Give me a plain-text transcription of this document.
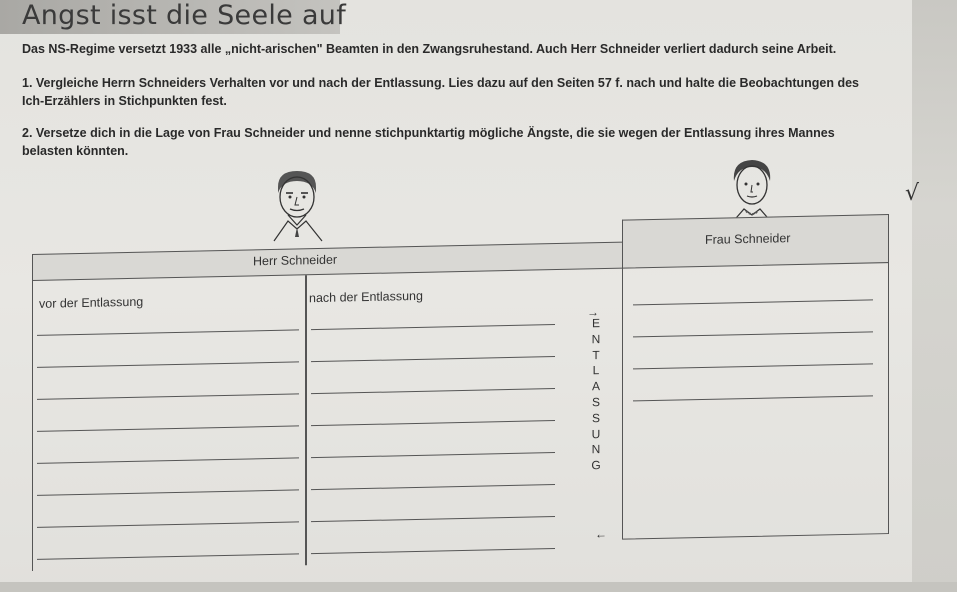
Angst isst die Seele auf
Das NS-Regime versetzt 1933 alle „nicht-arischen" Beamten in den Zwangsruhestand. Auch Herr Schneider verliert dadurch seine Arbeit.
1. Vergleiche Herrn Schneiders Verhalten vor und nach der Entlassung. Lies dazu auf den Seiten 57 f. nach und halte die Beobachtungen des Ich-Erzählers in Stichpunkten fest.
2. Versetze dich in die Lage von Frau Schneider und nenne stichpunktartig mögliche Ängste, die sie wegen der Entlassung ihres Mannes belasten könnten.
Herr Schneider
Frau Schneider
vor der Entlassung	nach der Entlassung
→
←
E
N
T
L
A
S
S
U
N
G
√
